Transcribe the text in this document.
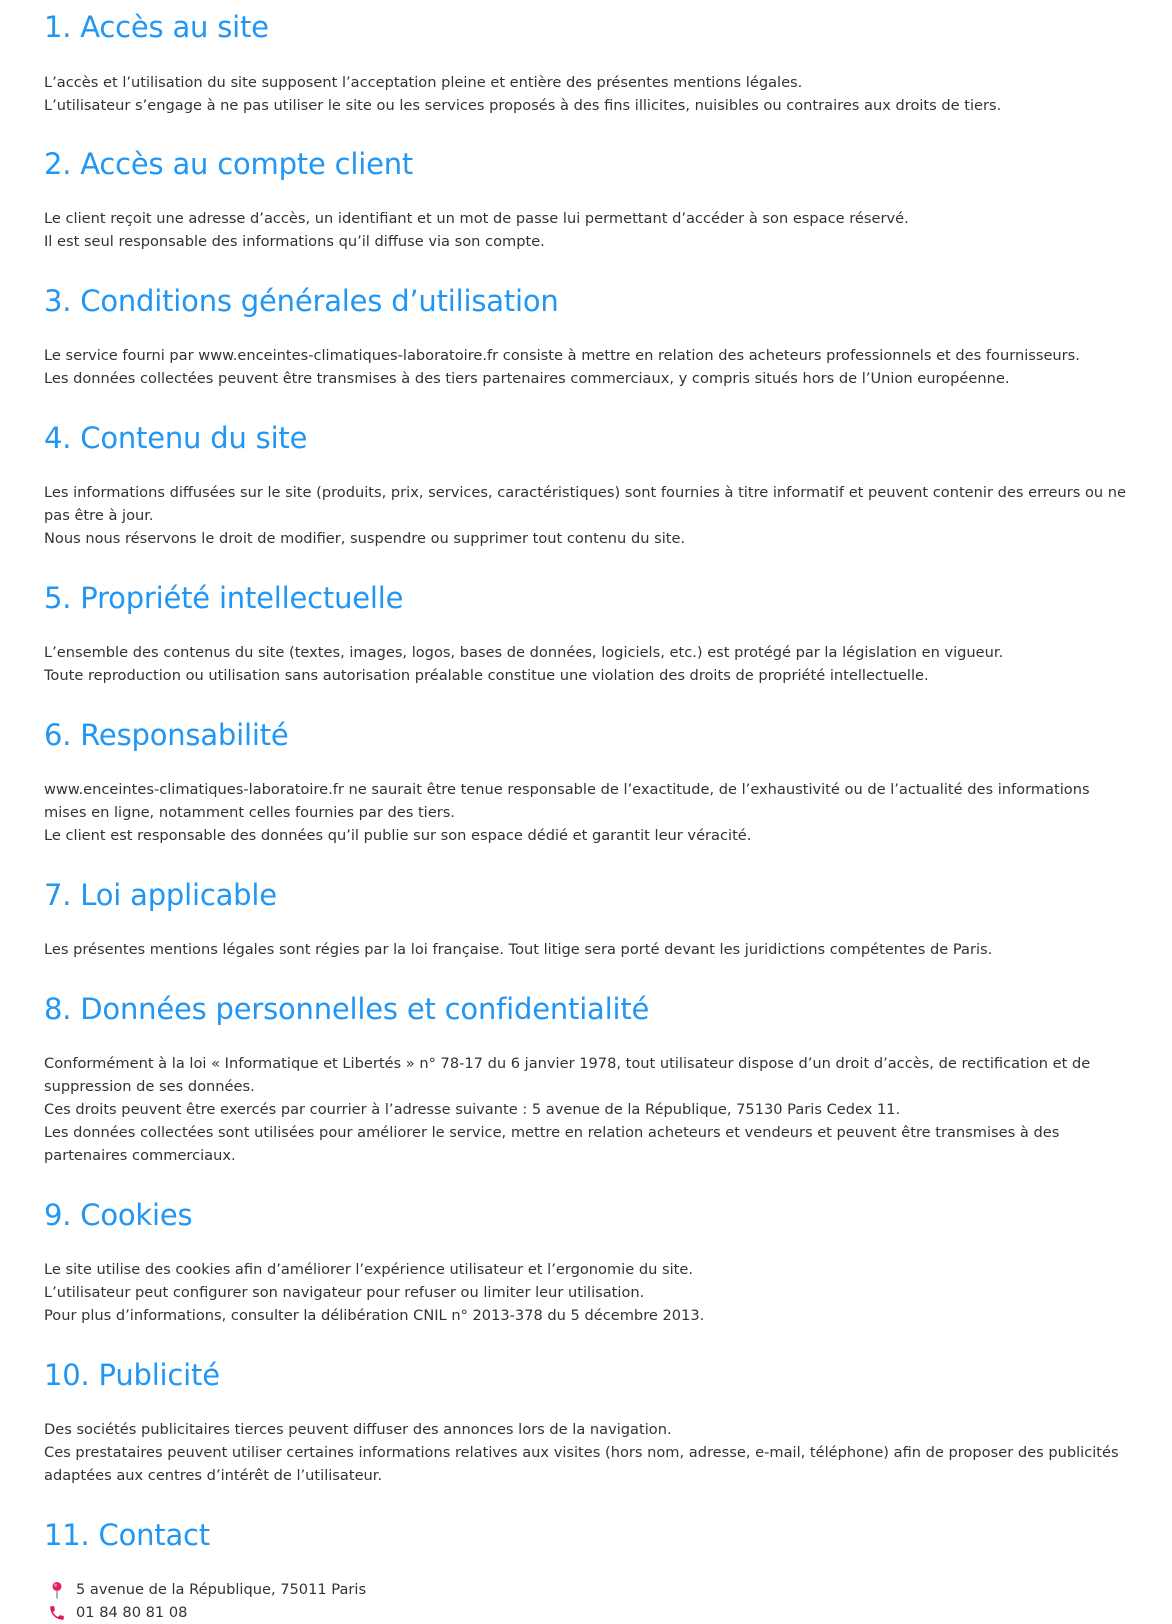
1. Accès au site

L’accès et l’utilisation du site supposent l’acceptation pleine et entière des présentes mentions légales.

L’utilisateur s’engage à ne pas utiliser le site ou les services proposés à des fins illicites, nuisibles ou contraires aux droits de tiers.

2. Accès au compte client

Le client reçoit une adresse d’accès, un identifiant et un mot de passe lui permettant d’accéder à son espace réservé.

Il est seul responsable des informations qu’il diffuse via son compte.

3. Conditions générales d’utilisation

Le service fourni par www.enceintes-climatiques-laboratoire.fr consiste à mettre en relation des acheteurs professionnels et des fournisseurs.

Les données collectées peuvent être transmises à des tiers partenaires commerciaux, y compris situés hors de l’Union européenne.

4. Contenu du site

Les informations diffusées sur le site (produits, prix, services, caractéristiques) sont fournies à titre informatif et peuvent contenir des erreurs ou ne pas être à jour.

Nous nous réservons le droit de modifier, suspendre ou supprimer tout contenu du site.

5. Propriété intellectuelle

L’ensemble des contenus du site (textes, images, logos, bases de données, logiciels, etc.) est protégé par la législation en vigueur.

Toute reproduction ou utilisation sans autorisation préalable constitue une violation des droits de propriété intellectuelle.

6. Responsabilité

www.enceintes-climatiques-laboratoire.fr ne saurait être tenue responsable de l’exactitude, de l’exhaustivité ou de l’actualité des informations mises en ligne, notamment celles fournies par des tiers.

Le client est responsable des données qu’il publie sur son espace dédié et garantit leur véracité.

7. Loi applicable

Les présentes mentions légales sont régies par la loi française. Tout litige sera porté devant les juridictions compétentes de Paris.

8. Données personnelles et confidentialité

Conformément à la loi « Informatique et Libertés » n° 78-17 du 6 janvier 1978, tout utilisateur dispose d’un droit d’accès, de rectification et de suppression de ses données.

Ces droits peuvent être exercés par courrier à l’adresse suivante : 5 avenue de la République, 75130 Paris Cedex 11.

Les données collectées sont utilisées pour améliorer le service, mettre en relation acheteurs et vendeurs et peuvent être transmises à des partenaires commerciaux.

9. Cookies

Le site utilise des cookies afin d’améliorer l’expérience utilisateur et l’ergonomie du site.

L’utilisateur peut configurer son navigateur pour refuser ou limiter leur utilisation.

Pour plus d’informations, consulter la délibération CNIL n° 2013-378 du 5 décembre 2013.

10. Publicité

Des sociétés publicitaires tierces peuvent diffuser des annonces lors de la navigation.

Ces prestataires peuvent utiliser certaines informations relatives aux visites (hors nom, adresse, e-mail, téléphone) afin de proposer des publicités adaptées aux centres d’intérêt de l’utilisateur.

11. Contact
5 avenue de la République, 75011 Paris
01 84 80 81 08
